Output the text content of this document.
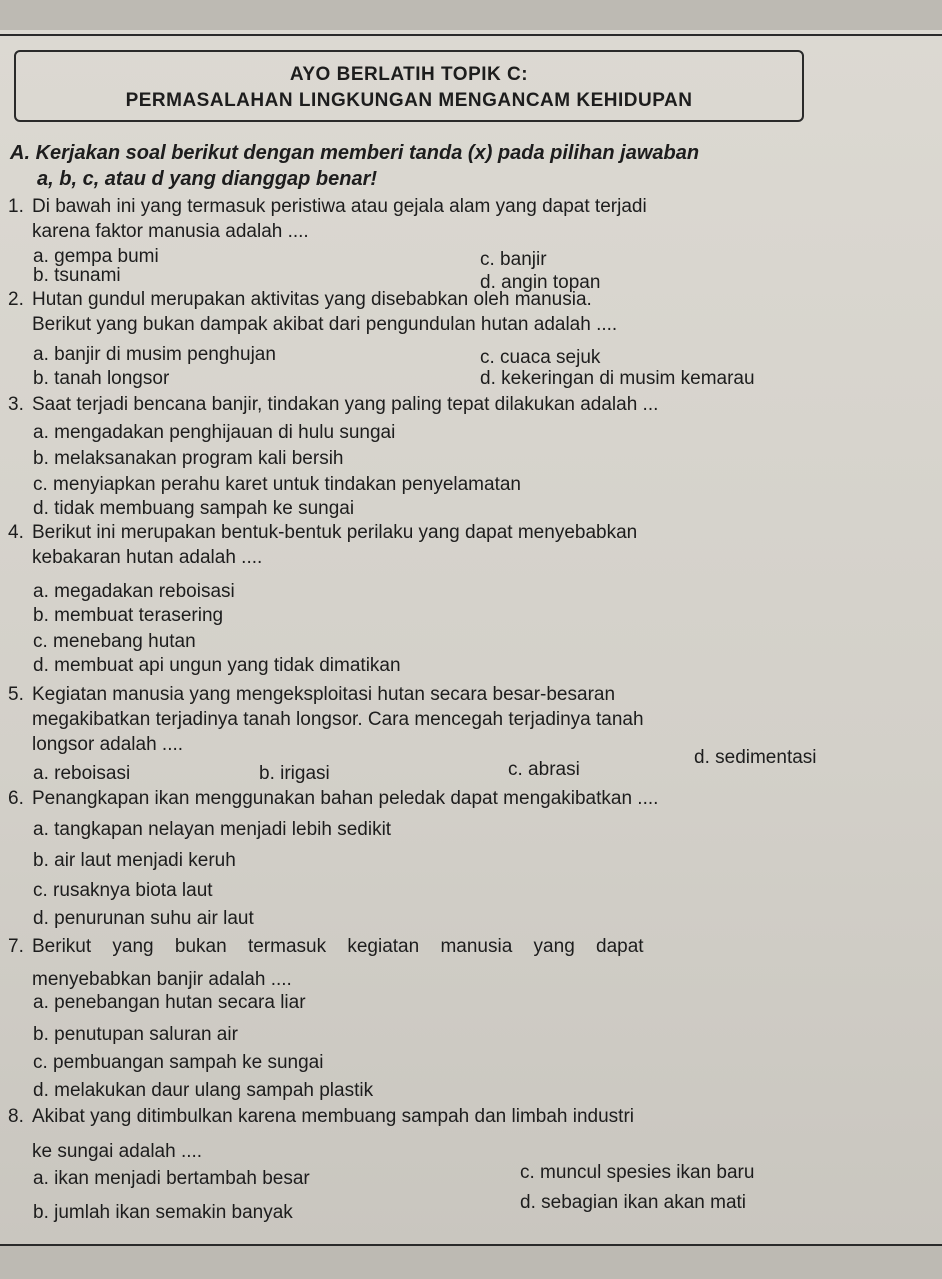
AYO BERLATIH TOPIK C:
PERMASALAHAN LINGKUNGAN MENGANCAM KEHIDUPAN
A. Kerjakan soal berikut dengan memberi tanda (x) pada pilihan jawaban
a, b, c, atau d yang dianggap benar!
1. Di bawah ini yang termasuk peristiwa atau gejala alam yang dapat terjadi
karena faktor manusia adalah ....
a. gempa bumi
b. tsunami
c. banjir
d. angin topan
2. Hutan gundul merupakan aktivitas yang disebabkan oleh manusia.
Berikut yang bukan dampak akibat dari pengundulan hutan adalah ....
a. banjir di musim penghujan
b. tanah longsor
c. cuaca sejuk
d. kekeringan di musim kemarau
3. Saat terjadi bencana banjir, tindakan yang paling tepat dilakukan adalah ...
a. mengadakan penghijauan di hulu sungai
b. melaksanakan program kali bersih
c. menyiapkan perahu karet untuk tindakan penyelamatan
d. tidak membuang sampah ke sungai
4. Berikut ini merupakan bentuk-bentuk perilaku yang dapat menyebabkan
kebakaran hutan adalah ....
a. megadakan reboisasi
b. membuat terasering
c. menebang hutan
d. membuat api ungun yang tidak dimatikan
5. Kegiatan manusia yang mengeksploitasi hutan secara besar-besaran
megakibatkan terjadinya tanah longsor. Cara mencegah terjadinya tanah
longsor adalah ....
a. reboisasi	b. irigasi	c. abrasi
d. sedimentasi
6. Penangkapan ikan menggunakan bahan peledak dapat mengakibatkan ....
a. tangkapan nelayan menjadi lebih sedikit
b. air laut menjadi keruh
c. rusaknya biota laut
d. penurunan suhu air laut
7. Berikut yang bukan termasuk kegiatan manusia yang dapat
menyebabkan banjir adalah ....
a. penebangan hutan secara liar
b. penutupan saluran air
c. pembuangan sampah ke sungai
d. melakukan daur ulang sampah plastik
8. Akibat yang ditimbulkan karena membuang sampah dan limbah industri
ke sungai adalah ....
a. ikan menjadi bertambah besar
b. jumlah ikan semakin banyak
c. muncul spesies ikan baru
d. sebagian ikan akan mati
